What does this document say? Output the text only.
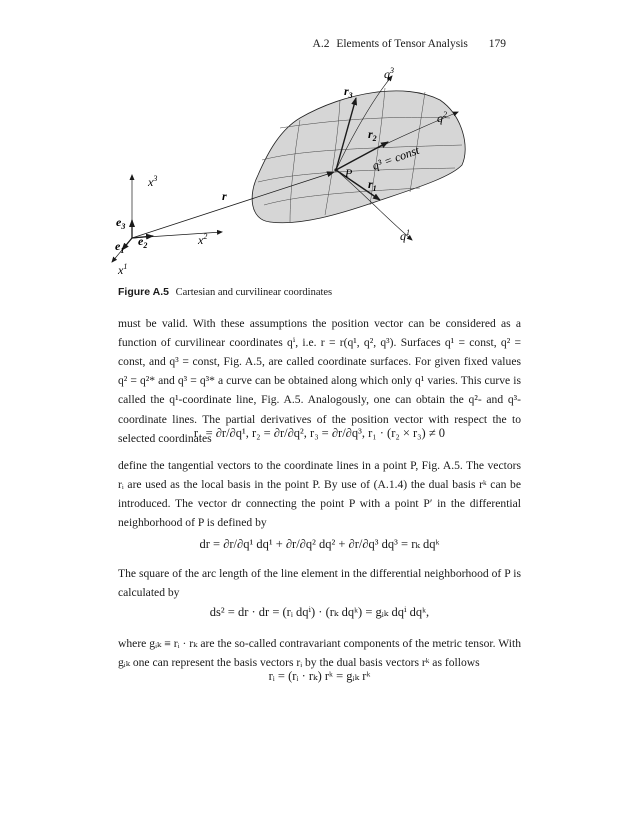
A.2 Elements of Tensor Analysis 179
$x^3$
$x^2$
$x^1$
$e_3$
$e_2$
$e_1$
r
$r_3$
$r_2$
$r_1$
P
$q^3$
$q^2$
$q^1$
q³ = const
Figure A.5 Cartesian and curvilinear coordinates

must be valid. With these assumptions the position vector can be considered as a function of curvilinear coordinates qⁱ, i.e. r = r(q¹, q², q³). Surfaces q¹ = const, q² = const, and q³ = const, Fig. A.5, are called coordinate surfaces. For given fixed values q² = q²* and q³ = q³* a curve can be obtained along which only q¹ varies. This curve is called the q¹-coordinate line, Fig. A.5. Analogously, one can obtain the q²- and q³-coordinate lines. The partial derivatives of the position vector with respect the to selected coordinates

r₁ = ∂r/∂q¹, r₂ = ∂r/∂q², r₃ = ∂r/∂q³, r₁ · (r₂ × r₃) ≠ 0

define the tangential vectors to the coordinate lines in a point P, Fig. A.5. The vectors rᵢ are used as the local basis in the point P. By use of (A.1.4) the dual basis rᵏ can be introduced. The vector dr connecting the point P with a point P′ in the differential neighborhood of P is defined by

dr = ∂r/∂q¹ dq¹ + ∂r/∂q² dq² + ∂r/∂q³ dq³ = rₖ dqᵏ

The square of the arc length of the line element in the differential neighborhood of P is calculated by

ds² = dr · dr = (rᵢ dqⁱ) · (rₖ dqᵏ) = gᵢₖ dqⁱ dqᵏ,

where gᵢₖ ≡ rᵢ · rₖ are the so-called contravariant components of the metric tensor. With gᵢₖ one can represent the basis vectors rᵢ by the dual basis vectors rᵏ as follows

rᵢ = (rᵢ · rₖ) rᵏ = gᵢₖ rᵏ
